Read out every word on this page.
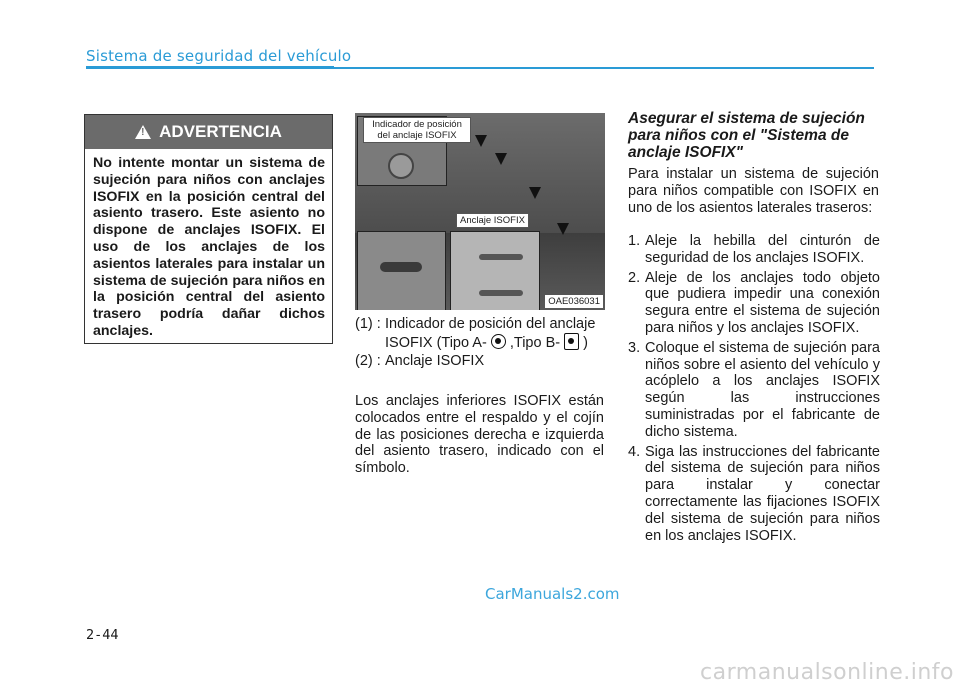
Sistema de seguridad del vehículo
! ADVERTENCIA
No intente montar un sistema de sujeción para niños con anclajes ISOFIX en la posición central del asiento trasero. Este asiento no dispone de anclajes ISOFIX. El uso de los anclajes de los asientos laterales para instalar un sistema de sujeción para niños en la posición central del asiento trasero podría dañar dichos anclajes.
Indicador de posición del anclaje ISOFIX
Anclaje ISOFIX
OAE036031
(1) : Indicador de posición del anclaje ISOFIX (Tipo A- ,Tipo B- )
(2) : Anclaje ISOFIX
Los anclajes inferiores ISOFIX están colocados entre el respaldo y el cojín de las posiciones derecha e izquierda del asiento trasero, indicado con el símbolo.
Asegurar el sistema de sujeción para niños con el "Sistema de anclaje ISOFIX"
Para instalar un sistema de sujeción para niños compatible con ISOFIX en uno de los asientos laterales traseros:
1. Aleje la hebilla del cinturón de seguridad de los anclajes ISOFIX.
2. Aleje de los anclajes todo objeto que pudiera impedir una conexión segura entre el sistema de sujeción para niños y los anclajes ISOFIX.
3. Coloque el sistema de sujeción para niños sobre el asiento del vehículo y acóplelo a los anclajes ISOFIX según las instrucciones suministradas por el fabricante de dicho sistema.
4. Siga las instrucciones del fabricante del sistema de sujeción para niños para instalar y conectar correctamente las fijaciones ISOFIX del sistema de sujeción para niños en los anclajes ISOFIX.
CarManuals2.com
2-44
carmanualsonline.info
